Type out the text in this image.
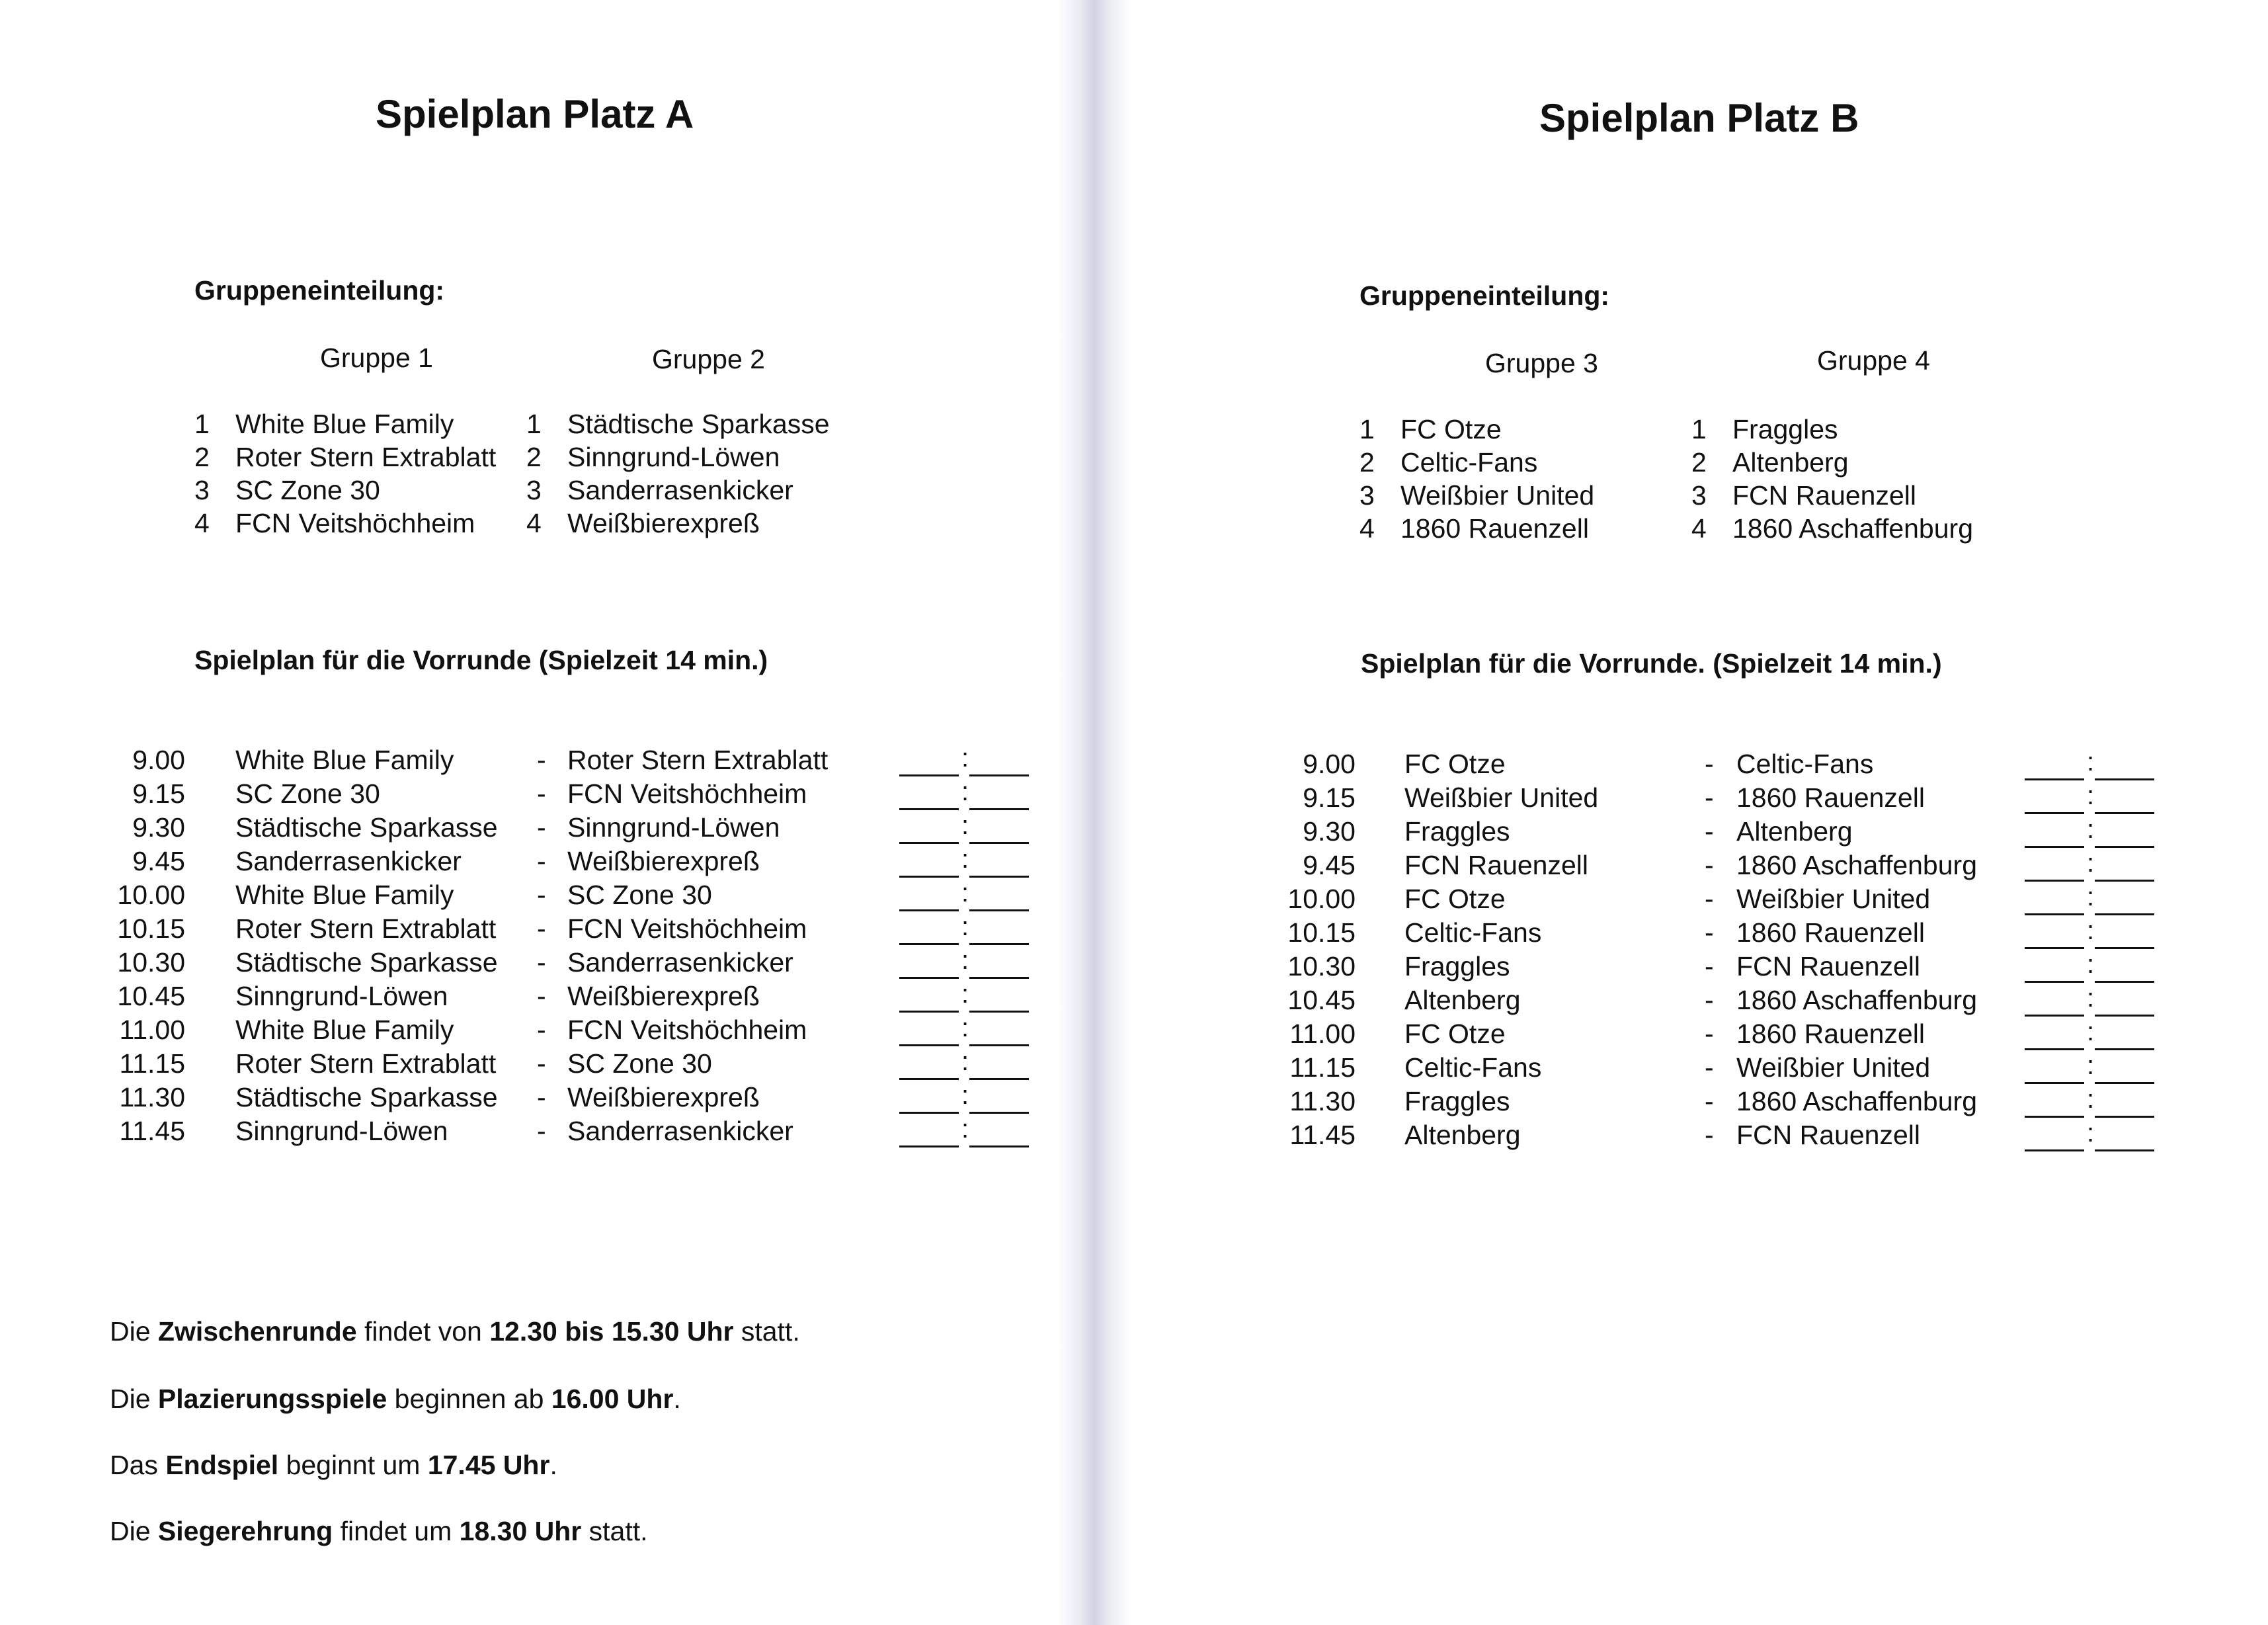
Spielplan Platz A
Gruppeneinteilung:
Gruppe 1	Gruppe 2
1 White Blue Family
2 Roter Stern Extrablatt
3 SC Zone 30
4 FCN Veitshöchheim
1 Städtische Sparkasse
2 Sinngrund-Löwen
3 Sanderrasenkicker
4 Weißbierexpreß
Spielplan für die Vorrunde (Spielzeit 14 min.)
9.00 White Blue Family	- Roter Stern Extrablatt	:
9.15 SC Zone 30	- FCN Veitshöchheim	:
9.30 Städtische Sparkasse - Sinngrund-Löwen	:
9.45 Sanderrasenkicker	- Weißbierexpreß	:
10.00 White Blue Family	- SC Zone 30	:
10.15 Roter Stern Extrablatt - FCN Veitshöchheim	:
10.30 Städtische Sparkasse - Sanderrasenkicker	:
10.45 Sinngrund-Löwen	- Weißbierexpreß	:
11.00 White Blue Family	- FCN Veitshöchheim	:
11.15 Roter Stern Extrablatt - SC Zone 30	:
11.30 Städtische Sparkasse - Weißbierexpreß	:
11.45 Sinngrund-Löwen	- Sanderrasenkicker	:
Spielplan Platz B
Gruppeneinteilung:
Gruppe 3	Gruppe 4
1 FC Otze
2 Celtic-Fans
3 Weißbier United
4 1860 Rauenzell
1 Fraggles
2 Altenberg
3 FCN Rauenzell
4 1860 Aschaffenburg
Spielplan für die Vorrunde. (Spielzeit 14 min.)
9.00 FC Otze	- Celtic-Fans	:
9.15 Weißbier United	- 1860 Rauenzell	:
9.30 Fraggles	- Altenberg	:
9.45 FCN Rauenzell	- 1860 Aschaffenburg	:
10.00 FC Otze	- Weißbier United	:
10.15 Celtic-Fans	- 1860 Rauenzell	:
10.30 Fraggles	- FCN Rauenzell	:
10.45 Altenberg	- 1860 Aschaffenburg	:
11.00 FC Otze	- 1860 Rauenzell	:
11.15 Celtic-Fans	- Weißbier United	:
11.30 Fraggles	- 1860 Aschaffenburg	:
11.45 Altenberg	- FCN Rauenzell	:
Die Zwischenrunde findet von 12.30 bis 15.30 Uhr statt.
Die Plazierungsspiele beginnen ab 16.00 Uhr.
Das Endspiel beginnt um 17.45 Uhr.
Die Siegerehrung findet um 18.30 Uhr statt.
